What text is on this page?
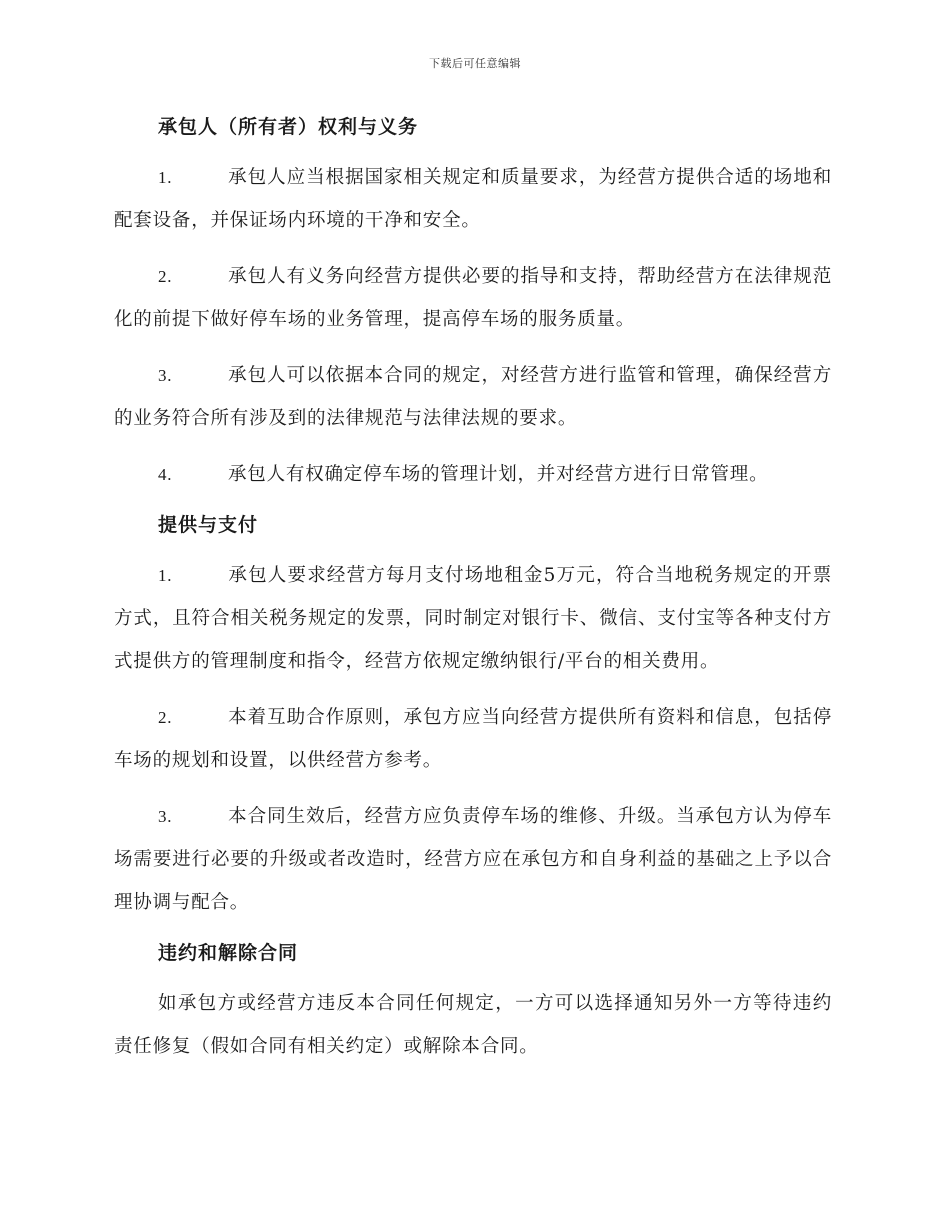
下载后可任意编辑
承包人（所有者）权利与义务

1.	承包人应当根据国家相关规定和质量要求，为经营方提供合适的场地和配套设备，并保证场内环境的干净和安全。

2.	承包人有义务向经营方提供必要的指导和支持，帮助经营方在法律规范化的前提下做好停车场的业务管理，提高停车场的服务质量。

3.	承包人可以依据本合同的规定，对经营方进行监管和管理，确保经营方的业务符合所有涉及到的法律规范与法律法规的要求。

4.	承包人有权确定停车场的管理计划，并对经营方进行日常管理。

提供与支付

1.	承包人要求经营方每月支付场地租金5万元，符合当地税务规定的开票方式，且符合相关税务规定的发票，同时制定对银行卡、微信、支付宝等各种支付方式提供方的管理制度和指令，经营方依规定缴纳银行/平台的相关费用。

2.	本着互助合作原则，承包方应当向经营方提供所有资料和信息，包括停车场的规划和设置，以供经营方参考。

3.	本合同生效后，经营方应负责停车场的维修、升级。当承包方认为停车场需要进行必要的升级或者改造时，经营方应在承包方和自身利益的基础之上予以合理协调与配合。

违约和解除合同

如承包方或经营方违反本合同任何规定，一方可以选择通知另外一方等待违约责任修复（假如合同有相关约定）或解除本合同。
